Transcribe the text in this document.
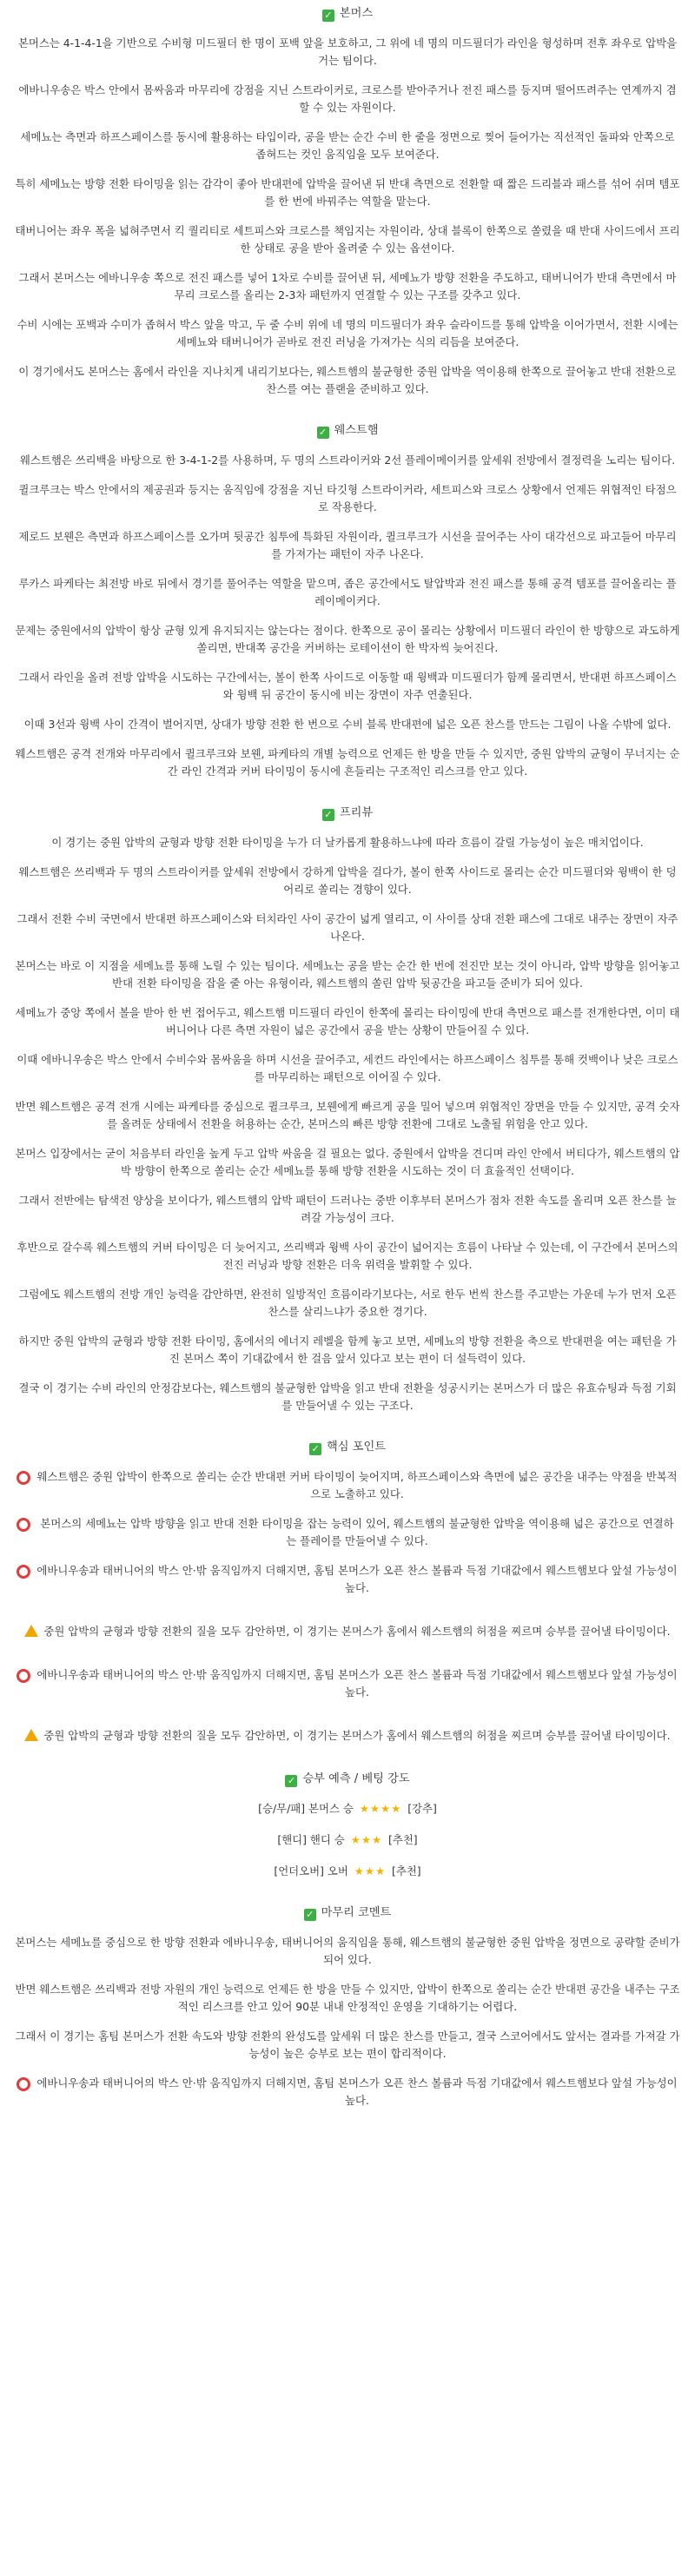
✓ 본머스

본머스는 4-1-4-1을 기반으로 수비형 미드필더 한 명이 포백 앞을 보호하고, 그 위에 네 명의 미드필더가 라인을 형성하며 전후 좌우로 압박을 거는 팀이다.

에바니우송은 박스 안에서 몸싸움과 마무리에 강점을 지닌 스트라이커로, 크로스를 받아주거나 전진 패스를 등지며 떨어뜨려주는 연계까지 겸할 수 있는 자원이다.

세메뇨는 측면과 하프스페이스를 동시에 활용하는 타입이라, 공을 받는 순간 수비 한 줄을 정면으로 찢어 들어가는 직선적인 돌파와 안쪽으로 좁혀드는 컷인 움직임을 모두 보여준다.

특히 세메뇨는 방향 전환 타이밍을 읽는 감각이 좋아 반대편에 압박을 끌어낸 뒤 반대 측면으로 전환할 때 짧은 드리블과 패스를 섞어 쉬며 템포를 한 번에 바꿔주는 역할을 맡는다.

태버니어는 좌우 폭을 넓혀주면서 킥 퀄리티로 세트피스와 크로스를 책임지는 자원이라, 상대 블록이 한쪽으로 쏠렸을 때 반대 사이드에서 프리한 상태로 공을 받아 올려줄 수 있는 옵션이다.

그래서 본머스는 에바니우송 쪽으로 전진 패스를 넣어 1차로 수비를 끌어낸 뒤, 세메뇨가 방향 전환을 주도하고, 태버니어가 반대 측면에서 마무리 크로스를 올리는 2-3차 패턴까지 연결할 수 있는 구조를 갖추고 있다.

수비 시에는 포백과 수미가 좁혀서 박스 앞을 막고, 두 줄 수비 위에 네 명의 미드필더가 좌우 슬라이드를 통해 압박을 이어가면서, 전환 시에는 세메뇨와 태버니어가 곧바로 전진 러닝을 가져가는 식의 리듬을 보여준다.

이 경기에서도 본머스는 홈에서 라인을 지나치게 내리기보다는, 웨스트햄의 불균형한 중원 압박을 역이용해 한쪽으로 끌어놓고 반대 전환으로 찬스를 여는 플랜을 준비하고 있다.

✓ 웨스트햄

웨스트햄은 쓰리백을 바탕으로 한 3-4-1-2를 사용하며, 두 명의 스트라이커와 2선 플레이메이커를 앞세워 전방에서 결정력을 노리는 팀이다.

퀼크루크는 박스 안에서의 제공권과 등지는 움직임에 강점을 지닌 타깃형 스트라이커라, 세트피스와 크로스 상황에서 언제든 위협적인 타점으로 작용한다.

제로드 보웬은 측면과 하프스페이스를 오가며 뒷공간 침투에 특화된 자원이라, 퀼크루크가 시선을 끌어주는 사이 대각선으로 파고들어 마무리를 가져가는 패턴이 자주 나온다.

루카스 파케타는 최전방 바로 뒤에서 경기를 풀어주는 역할을 맡으며, 좁은 공간에서도 탈압박과 전진 패스를 통해 공격 템포를 끌어올리는 플레이메이커다.

문제는 중원에서의 압박이 항상 균형 있게 유지되지는 않는다는 점이다. 한쪽으로 공이 몰리는 상황에서 미드필더 라인이 한 방향으로 과도하게 쏠리면, 반대쪽 공간을 커버하는 로테이션이 한 박자씩 늦어진다.

그래서 라인을 올려 전방 압박을 시도하는 구간에서는, 볼이 한쪽 사이드로 이동할 때 윙백과 미드필더가 함께 몰리면서, 반대편 하프스페이스와 윙백 뒤 공간이 동시에 비는 장면이 자주 연출된다.

이때 3선과 윙백 사이 간격이 벌어지면, 상대가 방향 전환 한 번으로 수비 블록 반대편에 넓은 오픈 찬스를 만드는 그림이 나올 수밖에 없다.

웨스트햄은 공격 전개와 마무리에서 퀼크루크와 보웬, 파케타의 개별 능력으로 언제든 한 방을 만들 수 있지만, 중원 압박의 균형이 무너지는 순간 라인 간격과 커버 타이밍이 동시에 흔들리는 구조적인 리스크를 안고 있다.

✓ 프리뷰

이 경기는 중원 압박의 균형과 방향 전환 타이밍을 누가 더 날카롭게 활용하느냐에 따라 흐름이 갈릴 가능성이 높은 매치업이다.

웨스트햄은 쓰리백과 두 명의 스트라이커를 앞세워 전방에서 강하게 압박을 걸다가, 볼이 한쪽 사이드로 몰리는 순간 미드필더와 윙백이 한 덩어리로 쏠리는 경향이 있다.

그래서 전환 수비 국면에서 반대편 하프스페이스와 터치라인 사이 공간이 넓게 열리고, 이 사이를 상대 전환 패스에 그대로 내주는 장면이 자주 나온다.

본머스는 바로 이 지점을 세메뇨를 통해 노릴 수 있는 팀이다. 세메뇨는 공을 받는 순간 한 번에 전진만 보는 것이 아니라, 압박 방향을 읽어놓고 반대 전환 타이밍을 잡을 줄 아는 유형이라, 웨스트햄의 쏠린 압박 뒷공간을 파고들 준비가 되어 있다.

세메뇨가 중앙 쪽에서 볼을 받아 한 번 접어두고, 웨스트햄 미드필더 라인이 한쪽에 몰리는 타이밍에 반대 측면으로 패스를 전개한다면, 이미 태버니어나 다른 측면 자원이 넓은 공간에서 공을 받는 상황이 만들어질 수 있다.

이때 에바니우송은 박스 안에서 수비수와 몸싸움을 하며 시선을 끌어주고, 세컨드 라인에서는 하프스페이스 침투를 통해 컷백이나 낮은 크로스를 마무리하는 패턴으로 이어질 수 있다.

반면 웨스트햄은 공격 전개 시에는 파케타를 중심으로 퀼크루크, 보웬에게 빠르게 공을 밀어 넣으며 위협적인 장면을 만들 수 있지만, 공격 숫자를 올려둔 상태에서 전환을 허용하는 순간, 본머스의 빠른 방향 전환에 그대로 노출될 위험을 안고 있다.

본머스 입장에서는 굳이 처음부터 라인을 높게 두고 압박 싸움을 걸 필요는 없다. 중원에서 압박을 견디며 라인 안에서 버티다가, 웨스트햄의 압박 방향이 한쪽으로 쏠리는 순간 세메뇨를 통해 방향 전환을 시도하는 것이 더 효율적인 선택이다.

그래서 전반에는 탐색전 양상을 보이다가, 웨스트햄의 압박 패턴이 드러나는 중반 이후부터 본머스가 점차 전환 속도를 올리며 오픈 찬스를 늘려갈 가능성이 크다.

후반으로 갈수록 웨스트햄의 커버 타이밍은 더 늦어지고, 쓰리백과 윙백 사이 공간이 넓어지는 흐름이 나타날 수 있는데, 이 구간에서 본머스의 전진 러닝과 방향 전환은 더욱 위력을 발휘할 수 있다.

그럼에도 웨스트햄의 전방 개인 능력을 감안하면, 완전히 일방적인 흐름이라기보다는, 서로 한두 번씩 찬스를 주고받는 가운데 누가 먼저 오픈 찬스를 살리느냐가 중요한 경기다.

하지만 중원 압박의 균형과 방향 전환 타이밍, 홈에서의 에너지 레벨을 함께 놓고 보면, 세메뇨의 방향 전환을 축으로 반대편을 여는 패턴을 가진 본머스 쪽이 기대값에서 한 걸음 앞서 있다고 보는 편이 더 설득력이 있다.

결국 이 경기는 수비 라인의 안정감보다는, 웨스트햄의 불균형한 압박을 읽고 반대 전환을 성공시키는 본머스가 더 많은 유효슈팅과 득점 기회를 만들어낼 수 있는 구조다.

✓ 핵심 포인트
웨스트햄은 중원 압박이 한쪽으로 쏠리는 순간 반대편 커버 타이밍이 늦어지며, 하프스페이스와 측면에 넓은 공간을 내주는 약점을 반복적으로 노출하고 있다.
본머스의 세메뇨는 압박 방향을 읽고 반대 전환 타이밍을 잡는 능력이 있어, 웨스트햄의 불균형한 압박을 역이용해 넓은 공간으로 연결하는 플레이를 만들어낼 수 있다.
에바니우송과 태버니어의 박스 안·밖 움직임까지 더해지면, 홈팀 본머스가 오픈 찬스 볼륨과 득점 기대값에서 웨스트햄보다 앞설 가능성이 높다.
중원 압박의 균형과 방향 전환의 질을 모두 감안하면, 이 경기는 본머스가 홈에서 웨스트햄의 허점을 찌르며 승부를 끌어낼 타이밍이다.
에바니우송과 태버니어의 박스 안·밖 움직임까지 더해지면, 홈팀 본머스가 오픈 찬스 볼륨과 득점 기대값에서 웨스트햄보다 앞설 가능성이 높다.
중원 압박의 균형과 방향 전환의 질을 모두 감안하면, 이 경기는 본머스가 홈에서 웨스트햄의 허점을 찌르며 승부를 끌어낼 타이밍이다.
✓ 승부 예측 / 베팅 강도
[승/무/패] 본머스 승 ★★★★ [강추]
[핸디] 핸디 승 ★★★ [추천]
[언더오버] 오버 ★★★ [추천]
✓ 마무리 코멘트

본머스는 세메뇨를 중심으로 한 방향 전환과 에바니우송, 태버니어의 움직임을 통해, 웨스트햄의 불균형한 중원 압박을 정면으로 공략할 준비가 되어 있다.

반면 웨스트햄은 쓰리백과 전방 자원의 개인 능력으로 언제든 한 방을 만들 수 있지만, 압박이 한쪽으로 쏠리는 순간 반대편 공간을 내주는 구조적인 리스크를 안고 있어 90분 내내 안정적인 운영을 기대하기는 어렵다.

그래서 이 경기는 홈팀 본머스가 전환 속도와 방향 전환의 완성도를 앞세워 더 많은 찬스를 만들고, 결국 스코어에서도 앞서는 결과를 가져갈 가능성이 높은 승부로 보는 편이 합리적이다.

에바니우송과 태버니어의 박스 안·밖 움직임까지 더해지면, 홈팀 본머스가 오픈 찬스 볼륨과 득점 기대값에서 웨스트햄보다 앞설 가능성이 높다.
